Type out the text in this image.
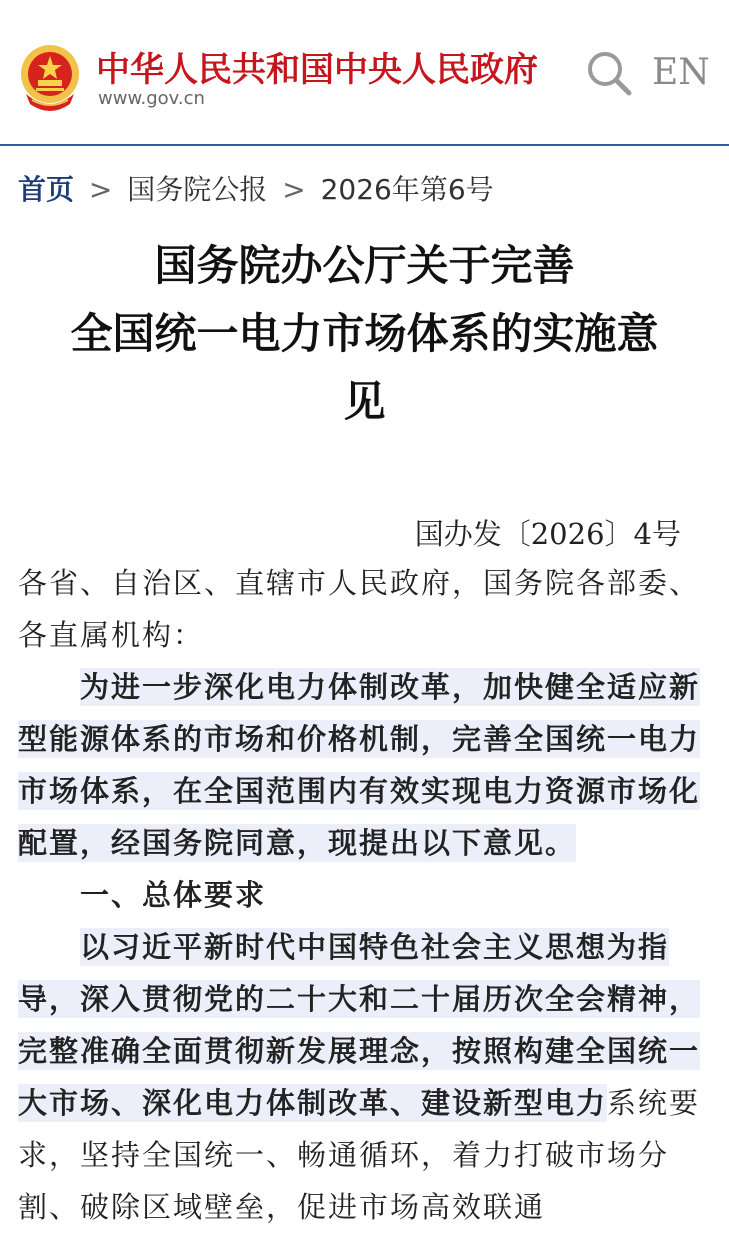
中华人民共和国中央人民政府
www.gov.cn
EN
首页 > 国务院公报 > 2026年第6号
国务院办公厅关于完善
全国统一电力市场体系的实施意
见
国办发〔2026〕4号

各省、自治区、直辖市人民政府，国务院各部委、各直属机构：

为进一步深化电力体制改革，加快健全适应新型能源体系的市场和价格机制，完善全国统一电力市场体系，在全国范围内有效实现电力资源市场化配置，经国务院同意，现提出以下意见。

一、总体要求

以习近平新时代中国特色社会主义思想为指导，深入贯彻党的二十大和二十届历次全会精神，完整准确全面贯彻新发展理念，按照构建全国统一大市场、深化电力体制改革、建设新型电力系统要求，坚持全国统一、畅通循环，着力打破市场分割、破除区域壁垒，促进市场高效联通
